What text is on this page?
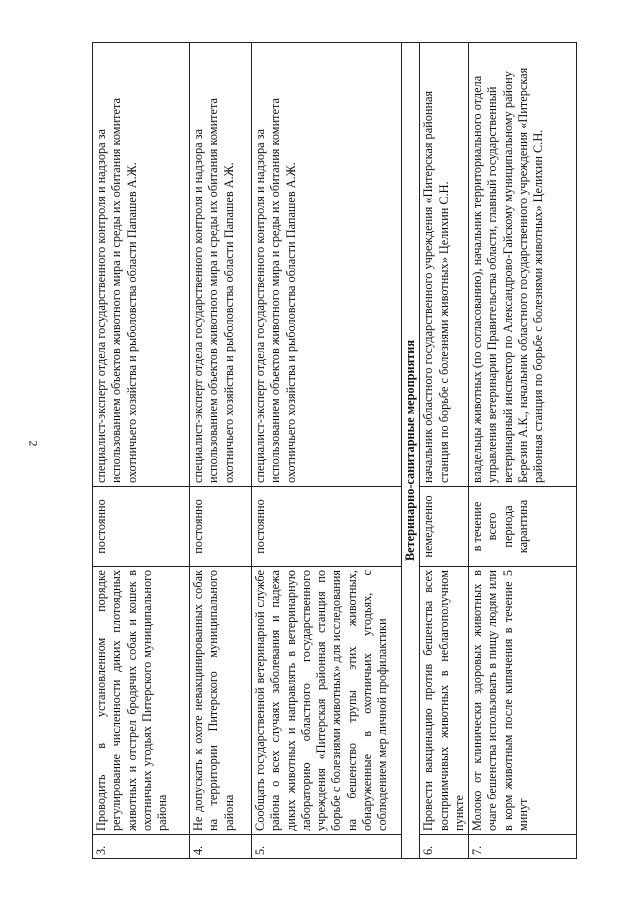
2
3.	Проводить в установленном порядке регулирование численности диких плотоядных животных и отстрел бродячих собак и кошек в охотничьих угодьях Питерского муниципального района	постоянно	специалист-эксперт отдела государственного контроля и надзора за использованием объектов животного мира и среды их обитания комитета охотничьего хозяйства и рыболовства области Папашев А.Ж.
4.	Не допускать к охоте невакцинированных собак на территории Питерского муниципального района	постоянно	специалист-эксперт отдела государственного контроля и надзора за использованием объектов животного мира и среды их обитания комитета охотничьего хозяйства и рыболовства области Папашев А.Ж.
5.	Сообщать государственной ветеринарной службе района о всех случаях заболевания и падежа диких животных и направлять в ветеринарную лабораторию областного государственного учреждения «Питерская районная станция по борьбе с болезнями животных» для исследования на бешенство трупы этих животных, обнаруженные в охотничьих угодьях, с соблюдением мер личной профилактики	постоянно	специалист-эксперт отдела государственного контроля и надзора за использованием объектов животного мира и среды их обитания комитета охотничьего хозяйства и рыболовства области Папашев А.Ж.
Ветеринарно-санитарные мероприятия			
6.	Провести вакцинацию против бешенства всех восприимчивых животных в неблагополучном пункте	немедленно	начальник областного государственного учреждения «Питерская районная станция по борьбе с болезнями животных» Целихин С.Н.
7.	Молоко от клинически здоровых животных в очаге бешенства использовать в пищу людям или в корм животным после кипячения в течение 5 минут	в течение всего периода карантина	владельцы животных (по согласованию), начальник территориального отдела управления ветеринарии Правительства области, главный государственный ветеринарный инспектор по Александрово-Гайскому муниципальному району Березин А.К., начальник областного государственного учреждения «Питерская районная станция по борьбе с болезнями животных» Целихин С.Н.
